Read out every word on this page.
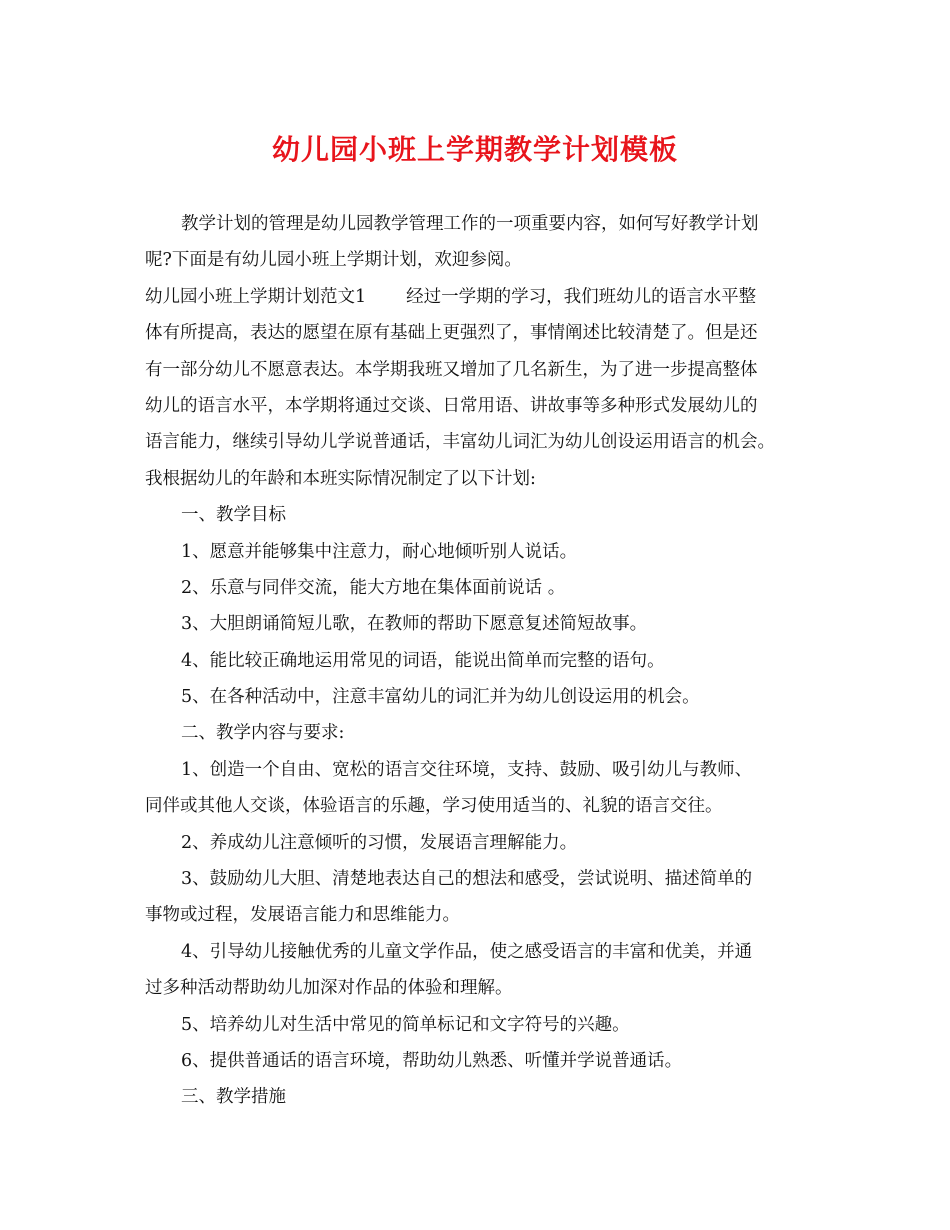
幼儿园小班上学期教学计划模板
教学计划的管理是幼儿园教学管理工作的一项重要内容，如何写好教学计划
呢?下面是有幼儿园小班上学期计划，欢迎参阅。
幼儿园小班上学期计划范文1 经过一学期的学习，我们班幼儿的语言水平整
体有所提高，表达的愿望在原有基础上更强烈了，事情阐述比较清楚了。但是还
有一部分幼儿不愿意表达。本学期我班又增加了几名新生，为了进一步提高整体
幼儿的语言水平，本学期将通过交谈、日常用语、讲故事等多种形式发展幼儿的
语言能力，继续引导幼儿学说普通话，丰富幼儿词汇为幼儿创设运用语言的机会。
我根据幼儿的年龄和本班实际情况制定了以下计划:
一、教学目标
1、愿意并能够集中注意力，耐心地倾听别人说话。
2、乐意与同伴交流，能大方地在集体面前说话 。
3、大胆朗诵简短儿歌，在教师的帮助下愿意复述简短故事。
4、能比较正确地运用常见的词语，能说出简单而完整的语句。
5、在各种活动中，注意丰富幼儿的词汇并为幼儿创设运用的机会。
二、教学内容与要求:
1、创造一个自由、宽松的语言交往环境，支持、鼓励、吸引幼儿与教师、
同伴或其他人交谈，体验语言的乐趣，学习使用适当的、礼貌的语言交往。
2、养成幼儿注意倾听的习惯，发展语言理解能力。
3、鼓励幼儿大胆、清楚地表达自己的想法和感受，尝试说明、描述简单的
事物或过程，发展语言能力和思维能力。
4、引导幼儿接触优秀的儿童文学作品，使之感受语言的丰富和优美，并通
过多种活动帮助幼儿加深对作品的体验和理解。
5、培养幼儿对生活中常见的简单标记和文字符号的兴趣。
6、提供普通话的语言环境，帮助幼儿熟悉、听懂并学说普通话。
三、教学措施
